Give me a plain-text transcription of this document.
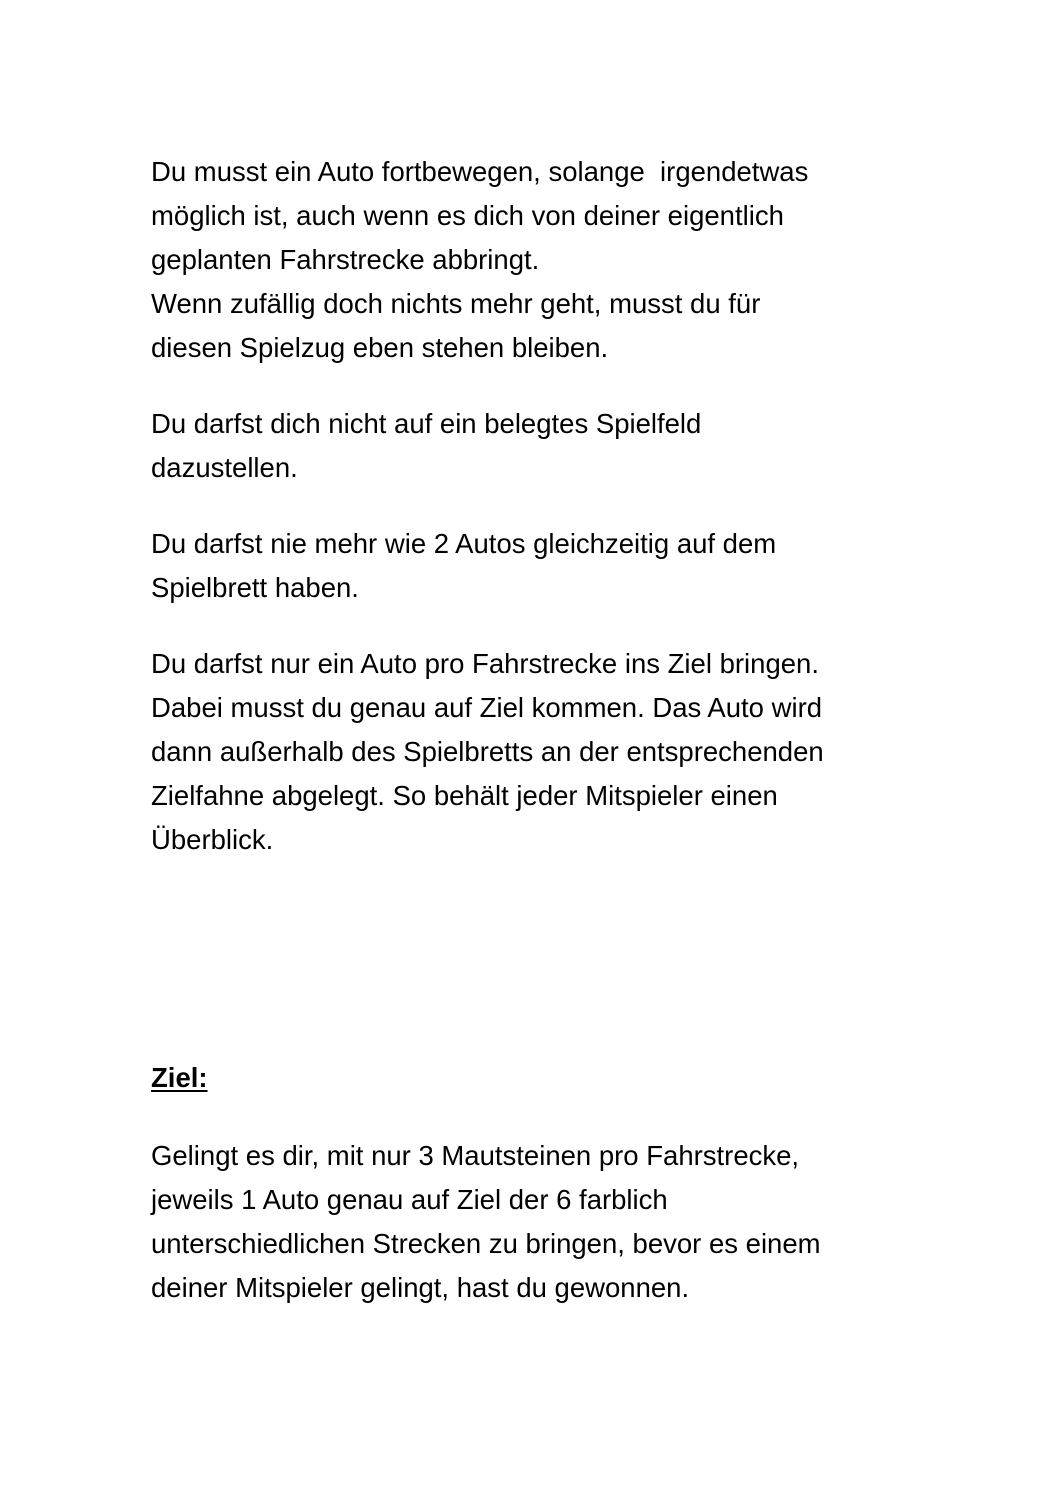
Du musst ein Auto fortbewegen, solange  irgendetwas
möglich ist, auch wenn es dich von deiner eigentlich
geplanten Fahrstrecke abbringt.
Wenn zufällig doch nichts mehr geht, musst du für
diesen Spielzug eben stehen bleiben.
Du darfst dich nicht auf ein belegtes Spielfeld
dazustellen.
Du darfst nie mehr wie 2 Autos gleichzeitig auf dem
Spielbrett haben.
Du darfst nur ein Auto pro Fahrstrecke ins Ziel bringen.
Dabei musst du genau auf Ziel kommen. Das Auto wird
dann außerhalb des Spielbretts an der entsprechenden
Zielfahne abgelegt. So behält jeder Mitspieler einen
Überblick.
Ziel:
Gelingt es dir, mit nur 3 Mautsteinen pro Fahrstrecke,
jeweils 1 Auto genau auf Ziel der 6 farblich
unterschiedlichen Strecken zu bringen, bevor es einem
deiner Mitspieler gelingt, hast du gewonnen.
